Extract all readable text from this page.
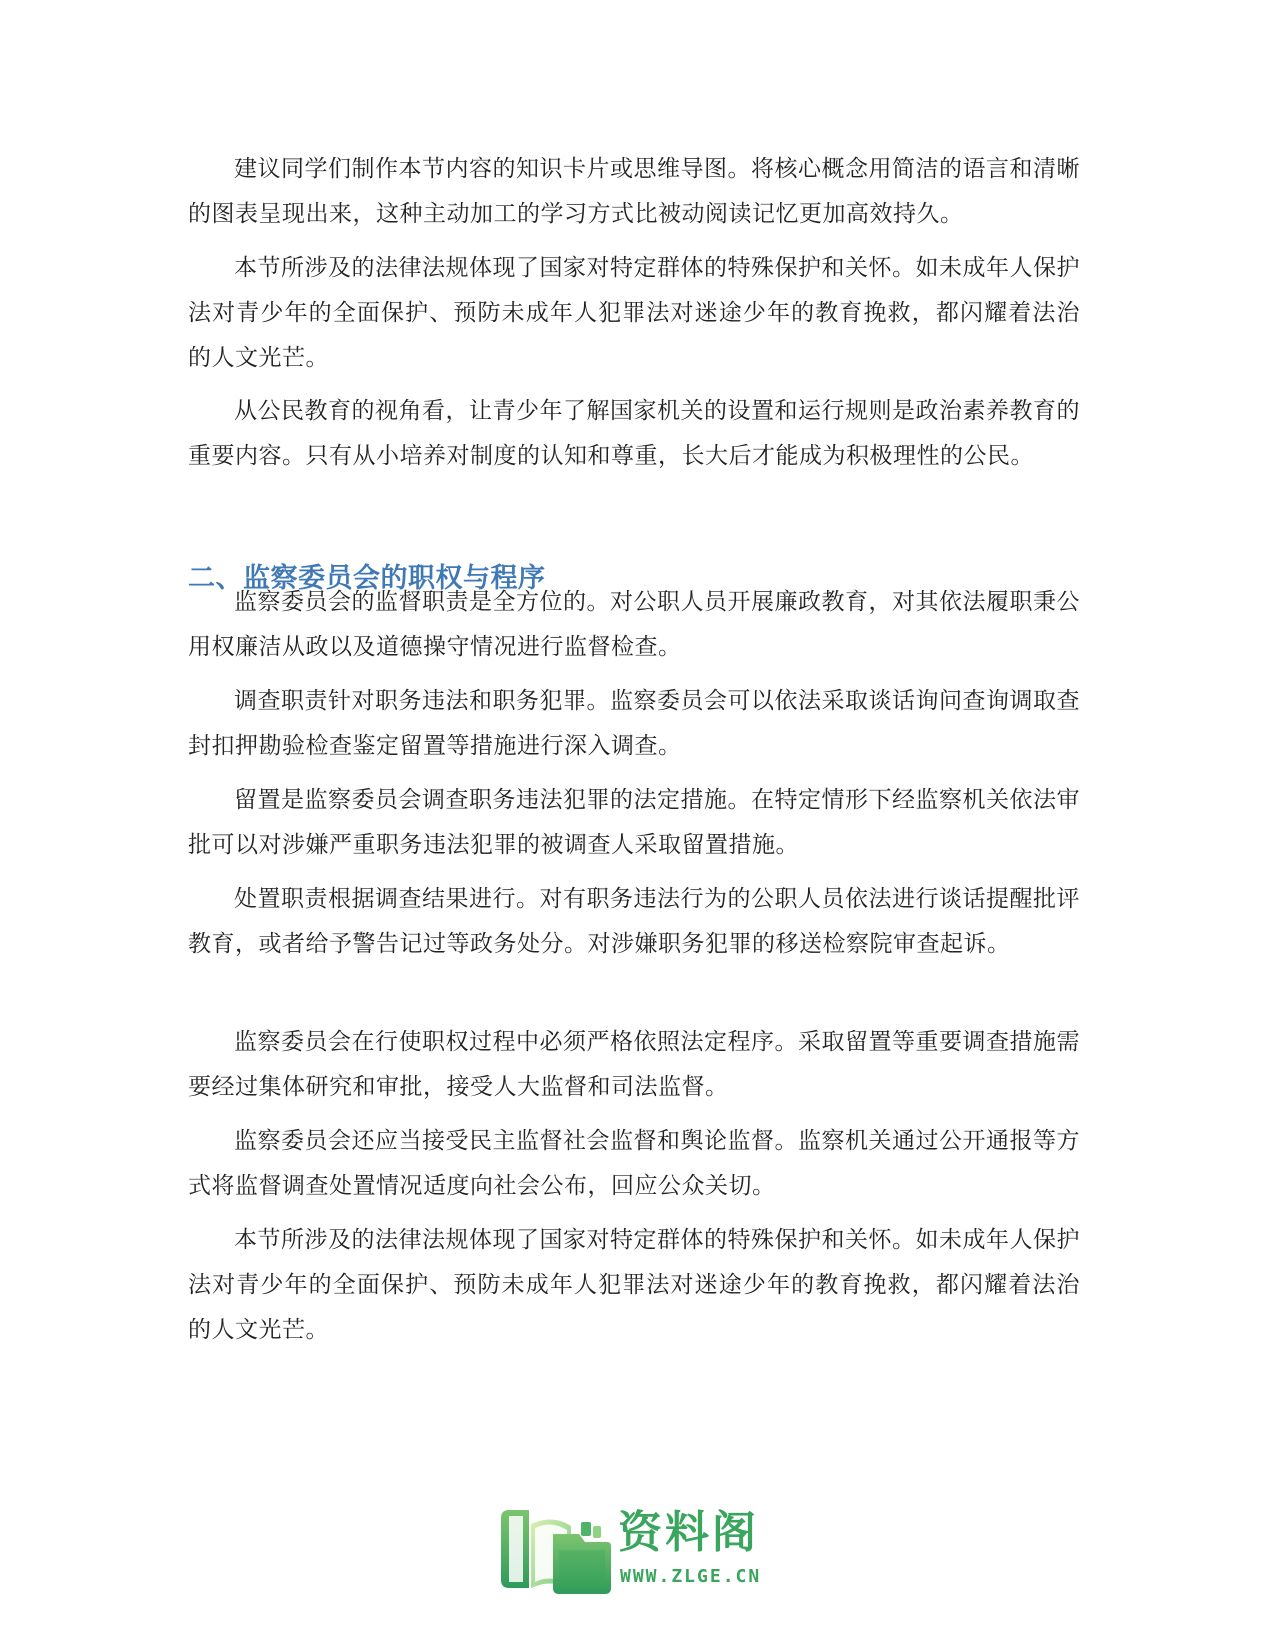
建议同学们制作本节内容的知识卡片或思维导图。将核心概念用简洁的语言和清晰的图表呈现出来，这种主动加工的学习方式比被动阅读记忆更加高效持久。

本节所涉及的法律法规体现了国家对特定群体的特殊保护和关怀。如未成年人保护法对青少年的全面保护、预防未成年人犯罪法对迷途少年的教育挽救，都闪耀着法治的人文光芒。

从公民教育的视角看，让青少年了解国家机关的设置和运行规则是政治素养教育的重要内容。只有从小培养对制度的认知和尊重，长大后才能成为积极理性的公民。

二、监察委员会的职权与程序

监察委员会的监督职责是全方位的。对公职人员开展廉政教育，对其依法履职秉公用权廉洁从政以及道德操守情况进行监督检查。

调查职责针对职务违法和职务犯罪。监察委员会可以依法采取谈话询问查询调取查封扣押勘验检查鉴定留置等措施进行深入调查。

留置是监察委员会调查职务违法犯罪的法定措施。在特定情形下经监察机关依法审批可以对涉嫌严重职务违法犯罪的被调查人采取留置措施。

处置职责根据调查结果进行。对有职务违法行为的公职人员依法进行谈话提醒批评教育，或者给予警告记过等政务处分。对涉嫌职务犯罪的移送检察院审查起诉。

监察委员会在行使职权过程中必须严格依照法定程序。采取留置等重要调查措施需要经过集体研究和审批，接受人大监督和司法监督。

监察委员会还应当接受民主监督社会监督和舆论监督。监察机关通过公开通报等方式将监督调查处置情况适度向社会公布，回应公众关切。

本节所涉及的法律法规体现了国家对特定群体的特殊保护和关怀。如未成年人保护法对青少年的全面保护、预防未成年人犯罪法对迷途少年的教育挽救，都闪耀着法治的人文光芒。

资料阁
WWW.ZLGE.CN
